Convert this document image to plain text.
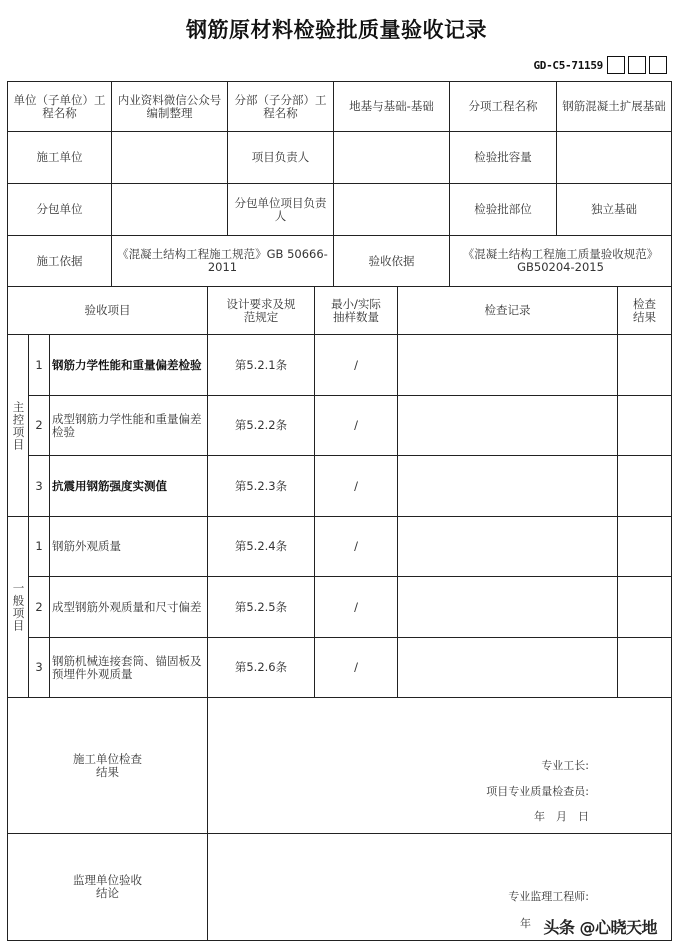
钢筋原材料检验批质量验收记录
GD-C5-71159
单位（子单位）工程名称	内业资料微信公众号编制整理	分部（子分部）工程名称	地基与基础-基础	分项工程名称	钢筋混凝土扩展基础
施工单位		项目负责人		检验批容量	
分包单位		分包单位项目负责人		检验批部位	独立基础
施工依据	《混凝土结构工程施工规范》GB 50666-2011		验收依据	《混凝土结构工程施工质量验收规范》GB50204-2015	
验收项目			设计要求及规范规定	最小/实际抽样数量	检查记录	检查结果
主控项目	1	钢筋力学性能和重量偏差检验	第5.2.1条	/		
	2	成型钢筋力学性能和重量偏差检验	第5.2.2条	/		
	3	抗震用钢筋强度实测值	第5.2.3条	/		
一般项目	1	钢筋外观质量	第5.2.4条	/		
	2	成型钢筋外观质量和尺寸偏差	第5.2.5条	/		
	3	钢筋机械连接套筒、锚固板及预埋件外观质量	第5.2.6条	/		
施工单位检查结果			专业工长:
项目专业质量检查员:
年　月　日			

监理单位验收结论			专业监理工程师:
年 头条 @心晓天地			
